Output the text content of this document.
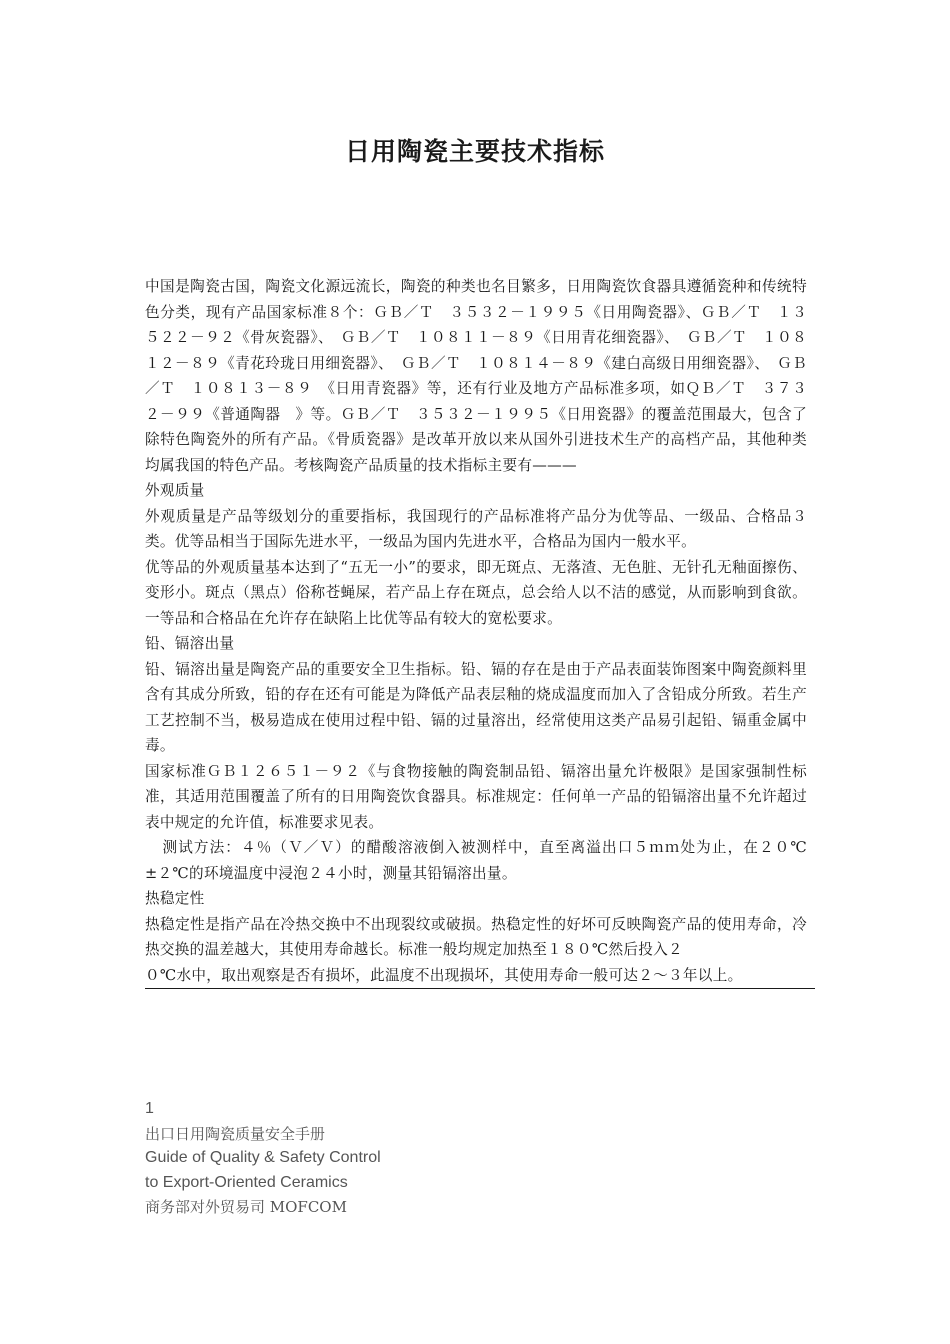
日用陶瓷主要技术指标

中国是陶瓷古国，陶瓷文化源远流长，陶瓷的种类也名目繁多，日用陶瓷饮食器具遵循瓷种和传统特色分类，现有产品国家标准８个：ＧＢ／Ｔ　３５３２－１９９５《日用陶瓷器》、ＧＢ／Ｔ　１３５２２－９２《骨灰瓷器》、　ＧＢ／Ｔ　１０８１１－８９《日用青花细瓷器》、　ＧＢ／Ｔ　１０８１２－８９《青花玲珑日用细瓷器》、　ＧＢ／Ｔ　１０８１４－８９《建白高级日用细瓷器》、　ＧＢ／Ｔ　１０８１３－８９　《日用青瓷器》等，还有行业及地方产品标准多项，如ＱＢ／Ｔ　３７３２－９９《普通陶器　》等。ＧＢ／Ｔ　３５３２－１９９５《日用瓷器》的覆盖范围最大，包含了除特色陶瓷外的所有产品。《骨质瓷器》是改革开放以来从国外引进技术生产的高档产品，其他种类均属我国的特色产品。考核陶瓷产品质量的技术指标主要有———

外观质量

外观质量是产品等级划分的重要指标，我国现行的产品标准将产品分为优等品、一级品、合格品３类。优等品相当于国际先进水平，一级品为国内先进水平，合格品为国内一般水平。

优等品的外观质量基本达到了“五无一小”的要求，即无斑点、无落渣、无色脏、无针孔无釉面擦伤、变形小。斑点（黑点）俗称苍蝇屎，若产品上存在斑点，总会给人以不洁的感觉，从而影响到食欲。一等品和合格品在允许存在缺陷上比优等品有较大的宽松要求。

铅、镉溶出量

铅、镉溶出量是陶瓷产品的重要安全卫生指标。铅、镉的存在是由于产品表面装饰图案中陶瓷颜料里含有其成分所致，铅的存在还有可能是为降低产品表层釉的烧成温度而加入了含铅成分所致。若生产工艺控制不当，极易造成在使用过程中铅、镉的过量溶出，经常使用这类产品易引起铅、镉重金属中毒。

国家标准ＧＢ１２６５１－９２《与食物接触的陶瓷制品铅、镉溶出量允许极限》是国家强制性标准，其适用范围覆盖了所有的日用陶瓷饮食器具。标准规定：任何单一产品的铅镉溶出量不允许超过表中规定的允许值，标准要求见表。

测试方法：４％（Ｖ／Ｖ）的醋酸溶液倒入被测样中，直至离溢出口５ｍｍ处为止，在２０℃±２℃的环境温度中浸泡２４小时，测量其铅镉溶出量。

热稳定性

热稳定性是指产品在冷热交换中不出现裂纹或破损。热稳定性的好坏可反映陶瓷产品的使用寿命，冷热交换的温差越大，其使用寿命越长。标准一般均规定加热至１８０℃然后投入２

０℃水中，取出观察是否有损坏，此温度不出现损坏，其使用寿命一般可达２～３年以上。

1
出口日用陶瓷质量安全手册
Guide of Quality & Safety Control
to Export-Oriented Ceramics
商务部对外贸易司 MOFCOM
